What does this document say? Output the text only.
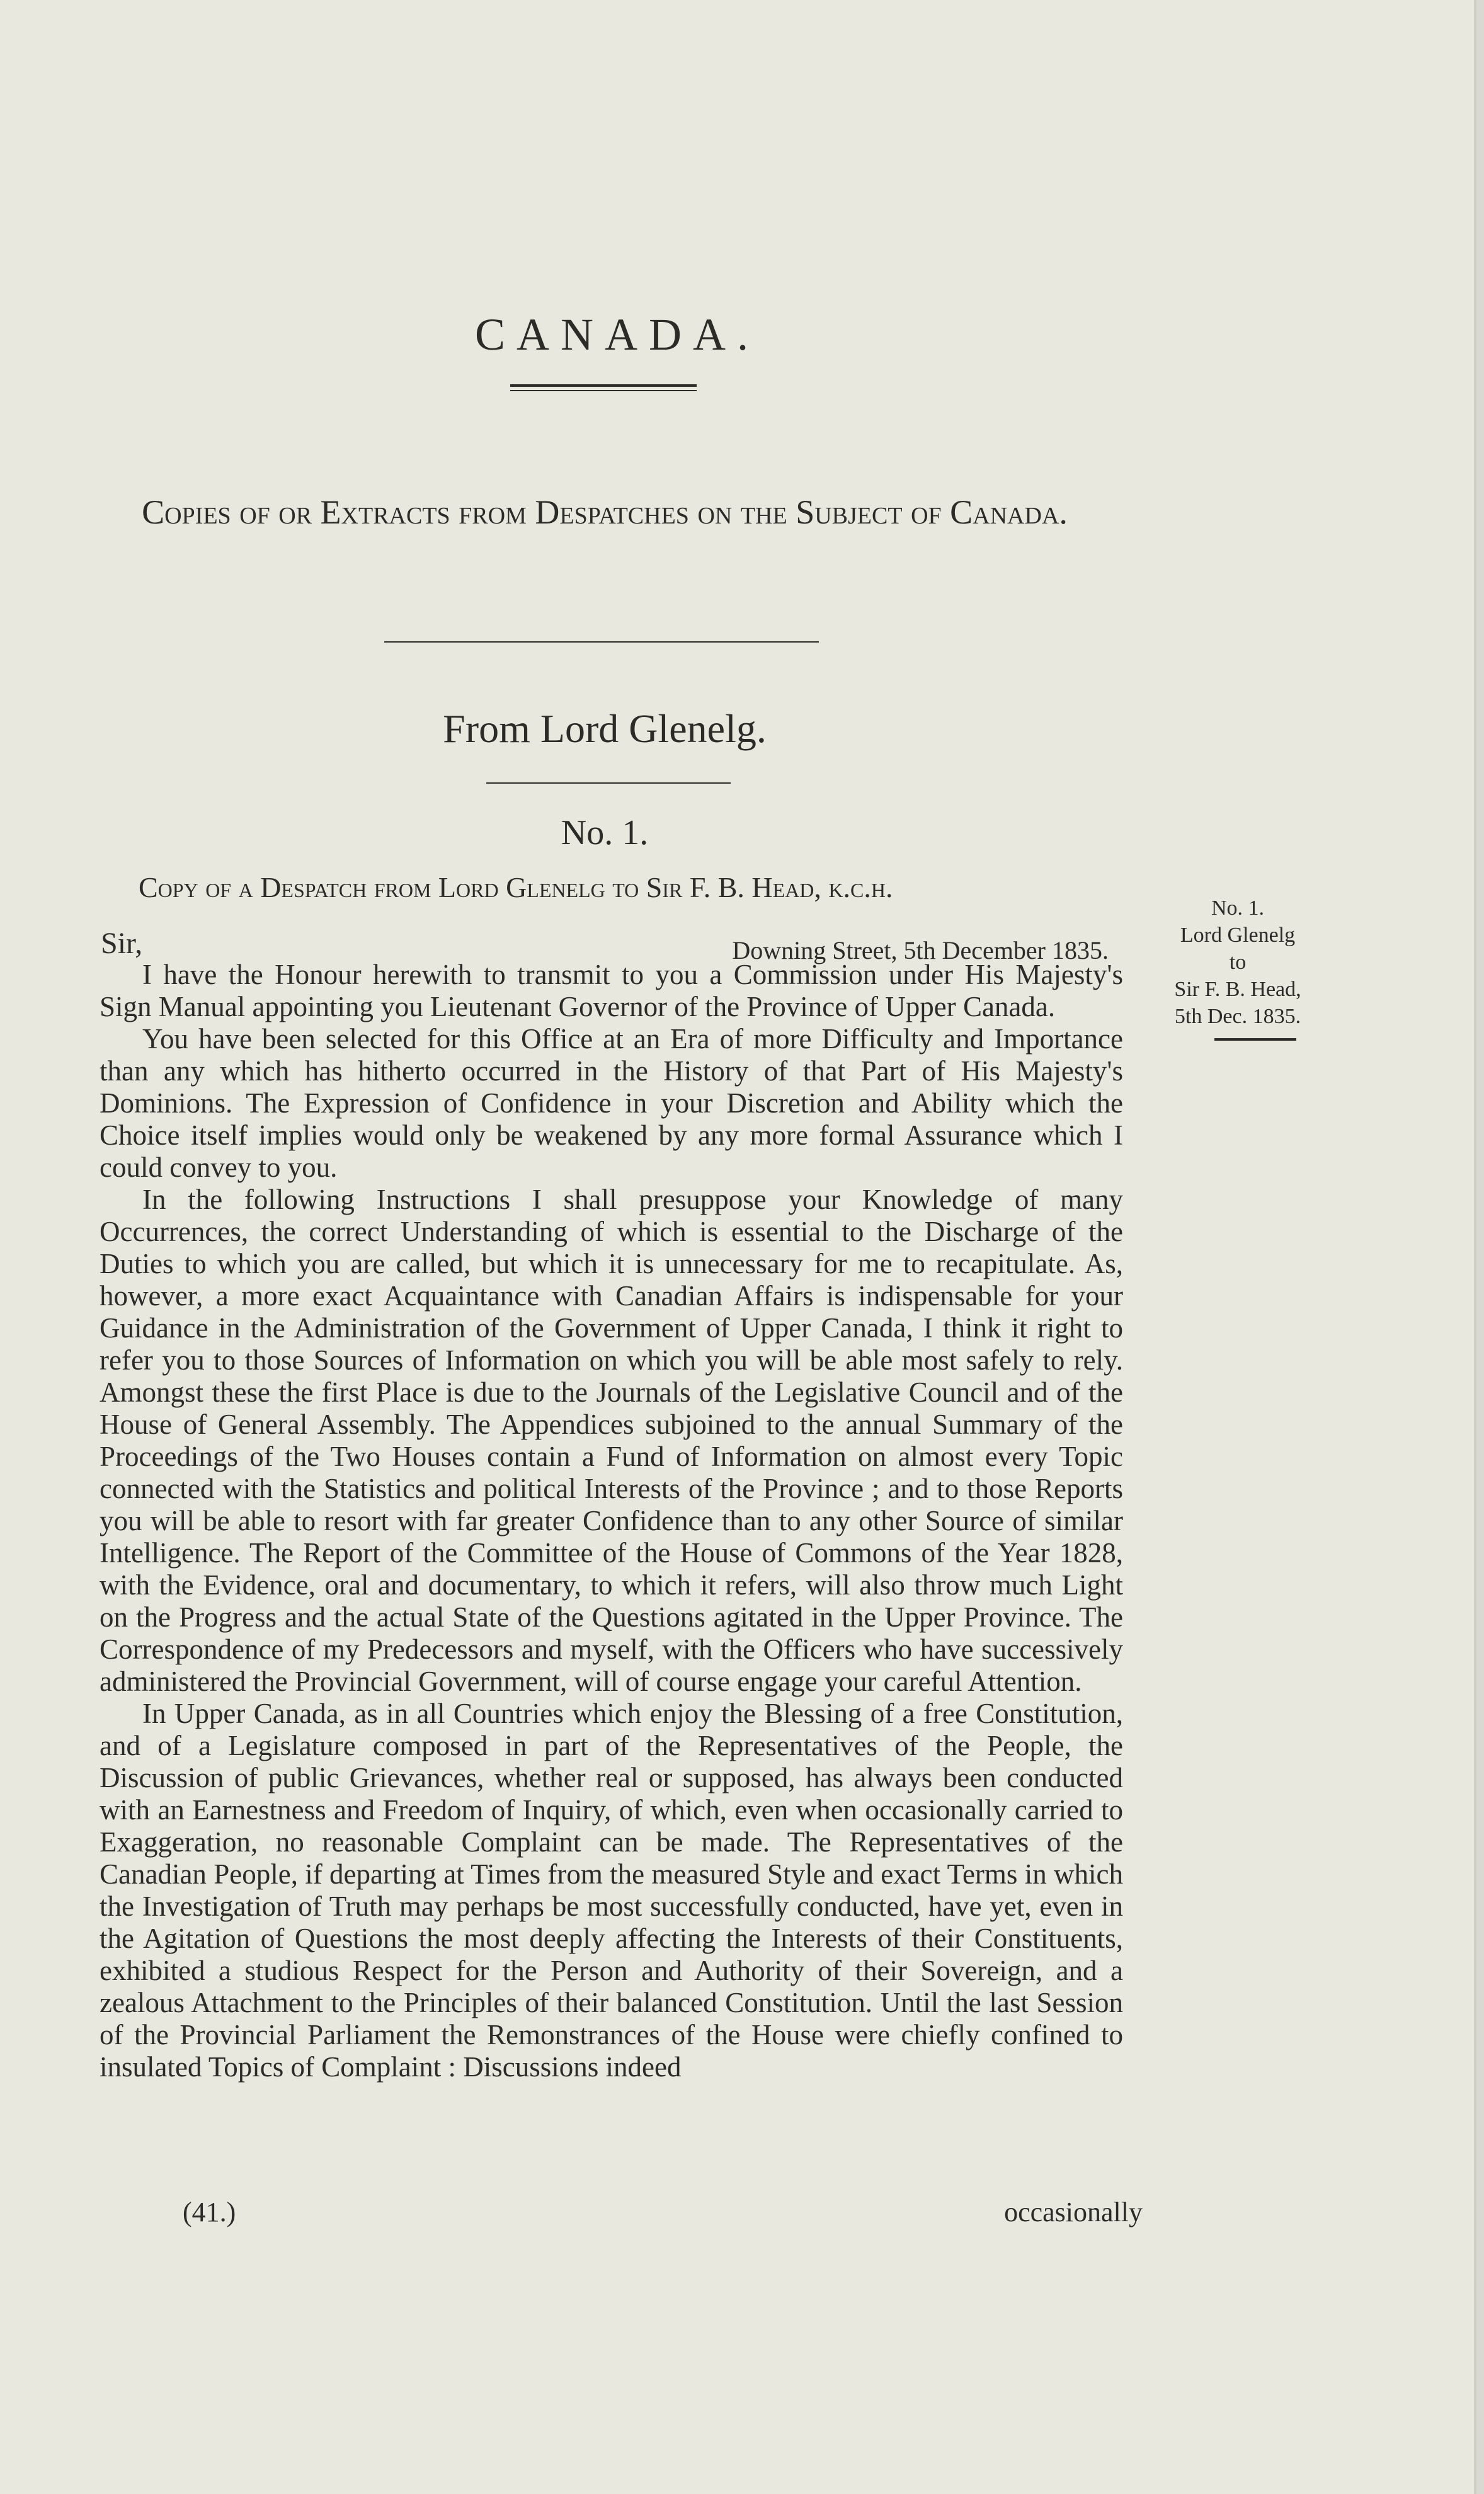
CANADA.
Copies of or Extracts from Despatches on the Subject of Canada.
From Lord Glenelg.
No. 1.
Copy of a Despatch from Lord Glenelg to Sir F. B. Head, k.c.h.
Sir,	Downing Street, 5th December 1835.

I have the Honour herewith to transmit to you a Commission under His Majesty's Sign Manual appointing you Lieutenant Governor of the Province of Upper Canada.

You have been selected for this Office at an Era of more Difficulty and Importance than any which has hitherto occurred in the History of that Part of His Majesty's Dominions. The Expression of Confidence in your Discretion and Ability which the Choice itself implies would only be weakened by any more formal Assurance which I could convey to you.

In the following Instructions I shall presuppose your Knowledge of many Occurrences, the correct Understanding of which is essential to the Discharge of the Duties to which you are called, but which it is unnecessary for me to recapitulate. As, however, a more exact Acquaintance with Canadian Affairs is indispensable for your Guidance in the Administration of the Government of Upper Canada, I think it right to refer you to those Sources of Information on which you will be able most safely to rely. Amongst these the first Place is due to the Journals of the Legislative Council and of the House of General Assembly. The Appendices subjoined to the annual Summary of the Proceedings of the Two Houses contain a Fund of Information on almost every Topic connected with the Statistics and political Interests of the Province ; and to those Reports you will be able to resort with far greater Confidence than to any other Source of similar Intelligence. The Report of the Committee of the House of Commons of the Year 1828, with the Evidence, oral and documentary, to which it refers, will also throw much Light on the Progress and the actual State of the Questions agitated in the Upper Province. The Correspondence of my Predecessors and myself, with the Officers who have successively administered the Provincial Government, will of course engage your careful Attention.

In Upper Canada, as in all Countries which enjoy the Blessing of a free Constitution, and of a Legislature composed in part of the Representatives of the People, the Discussion of public Grievances, whether real or supposed, has always been conducted with an Earnestness and Freedom of Inquiry, of which, even when occasionally carried to Exaggeration, no reasonable Complaint can be made. The Representatives of the Canadian People, if departing at Times from the measured Style and exact Terms in which the Investigation of Truth may perhaps be most successfully conducted, have yet, even in the Agitation of Questions the most deeply affecting the Interests of their Constituents, exhibited a studious Respect for the Person and Authority of their Sovereign, and a zealous Attachment to the Principles of their balanced Constitution. Until the last Session of the Provincial Parliament the Remonstrances of the House were chiefly confined to insulated Topics of Complaint : Discussions indeed

(41.)	occasionally
No. 1.
Lord Glenelg
to
Sir F. B. Head,
5th Dec. 1835.
